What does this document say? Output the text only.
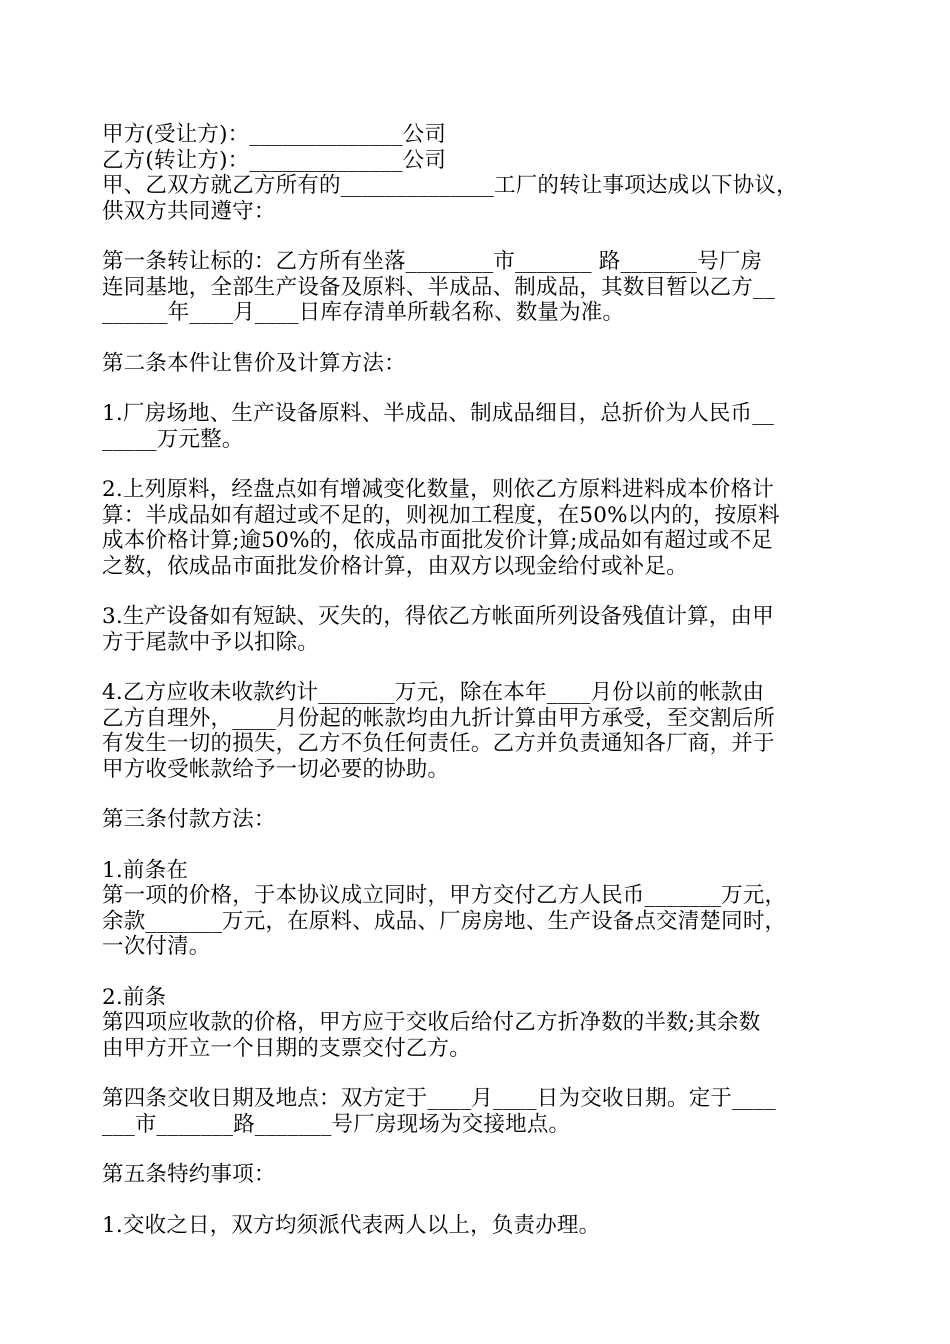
甲方(受让方)：______________公司
乙方(转让方)：______________公司
甲、乙双方就乙方所有的______________工厂的转让事项达成以下协议，
供双方共同遵守：
第一条转让标的：乙方所有坐落________市_______ 路_______号厂房
连同基地，全部生产设备及原料、半成品、制成品，其数目暂以乙方__
______年____月____日库存清单所载名称、数量为准。
第二条本件让售价及计算方法：
1.厂房场地、生产设备原料、半成品、制成品细目，总折价为人民币__
_____万元整。
2.上列原料，经盘点如有增减变化数量，则依乙方原料进料成本价格计
算：半成品如有超过或不足的，则视加工程度，在50%以内的，按原料
成本价格计算;逾50%的，依成品市面批发价计算;成品如有超过或不足
之数，依成品市面批发价格计算，由双方以现金给付或补足。
3.生产设备如有短缺、灭失的，得依乙方帐面所列设备残值计算，由甲
方于尾款中予以扣除。
4.乙方应收未收款约计_______万元，除在本年____月份以前的帐款由
乙方自理外，____月份起的帐款均由九折计算由甲方承受，至交割后所
有发生一切的损失，乙方不负任何责任。乙方并负责通知各厂商，并于
甲方收受帐款给予一切必要的协助。
第三条付款方法：
1.前条在
第一项的价格，于本协议成立同时，甲方交付乙方人民币_______万元，
余款_______万元，在原料、成品、厂房房地、生产设备点交清楚同时，
一次付清。
2.前条
第四项应收款的价格，甲方应于交收后给付乙方折净数的半数;其余数
由甲方开立一个日期的支票交付乙方。
第四条交收日期及地点：双方定于____月____日为交收日期。定于____
___市_______路_______号厂房现场为交接地点。
第五条特约事项：
1.交收之日，双方均须派代表两人以上，负责办理。
